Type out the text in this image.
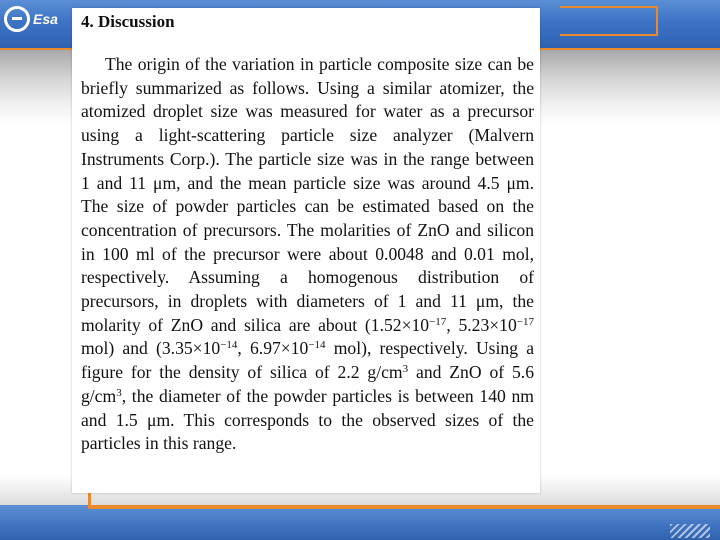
Esa 4. Discussion

The origin of the variation in particle composite size can be briefly summarized as follows. Using a similar atomizer, the atomized droplet size was measured for water as a precursor using a light-scattering particle size analyzer (Malvern Instruments Corp.). The particle size was in the range between 1 and 11 μm, and the mean particle size was around 4.5 μm. The size of powder particles can be estimated based on the concentration of precursors. The molarities of ZnO and silicon in 100 ml of the precursor were about 0.0048 and 0.01 mol, respectively. Assuming a homogenous distribution of precursors, in droplets with diameters of 1 and 11 μm, the molarity of ZnO and silica are about ($1.52\times 10^{-17}$, $5.23\times 10^{-17}$ mol) and ($3.35\times 10^{-14}$, $6.97\times 10^{-14}$ mol), respectively. Using a figure for the density of silica of 2.2 $g/cm^3$ and ZnO of 5.6 $g/cm^3$, the diameter of the powder particles is between 140 nm and 1.5 μm. This corresponds to the observed sizes of the particles in this range.
